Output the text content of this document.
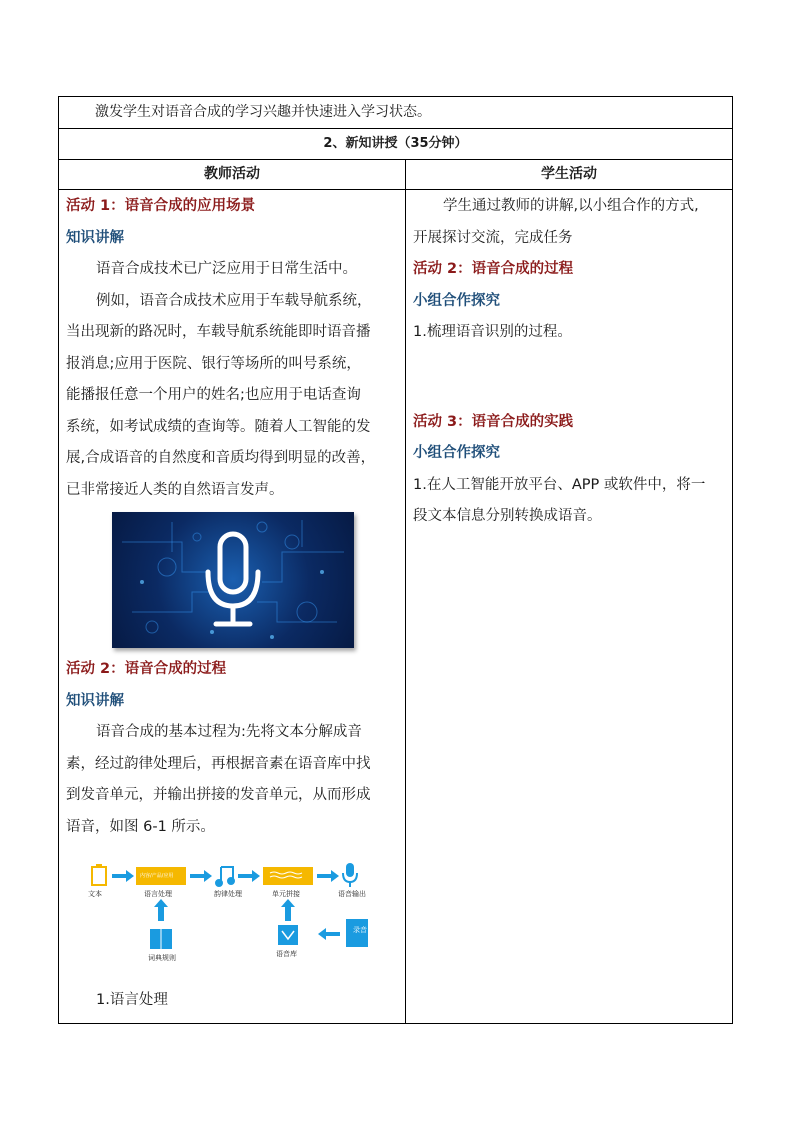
激发学生对语音合成的学习兴趣并快速进入学习状态。
2、新知讲授（35分钟）
教师活动	学生活动
活动 1：语音合成的应用场景
知识讲解
语音合成技术已广泛应用于日常生活中。
例如，语音合成技术应用于车载导航系统，
当出现新的路况时，车载导航系统能即时语音播
报消息;应用于医院、银行等场所的叫号系统，
能播报任意一个用户的姓名;也应用于电话查询
系统，如考试成绩的查询等。随着人工智能的发
展,合成语音的自然度和音质均得到明显的改善，
已非常接近人类的自然语言发声。
活动 2：语音合成的过程
知识讲解
语音合成的基本过程为:先将文本分解成音
素，经过韵律处理后，再根据音素在语音库中找
到发音单元，并输出拼接的发音单元，从而形成
语音，如图 6-1 所示。
文本
内容/产品/应用
语言处理	韵律处理	单元拼接	语音输出
词典规则	语音库
录音
1.语言处理
学生通过教师的讲解,以小组合作的方式,
开展探讨交流，完成任务
活动 2：语音合成的过程
小组合作探究
1.梳理语音识别的过程。
活动 3：语音合成的实践
小组合作探究
1.在人工智能开放平台、APP 或软件中，将一
段文本信息分别转换成语音。
